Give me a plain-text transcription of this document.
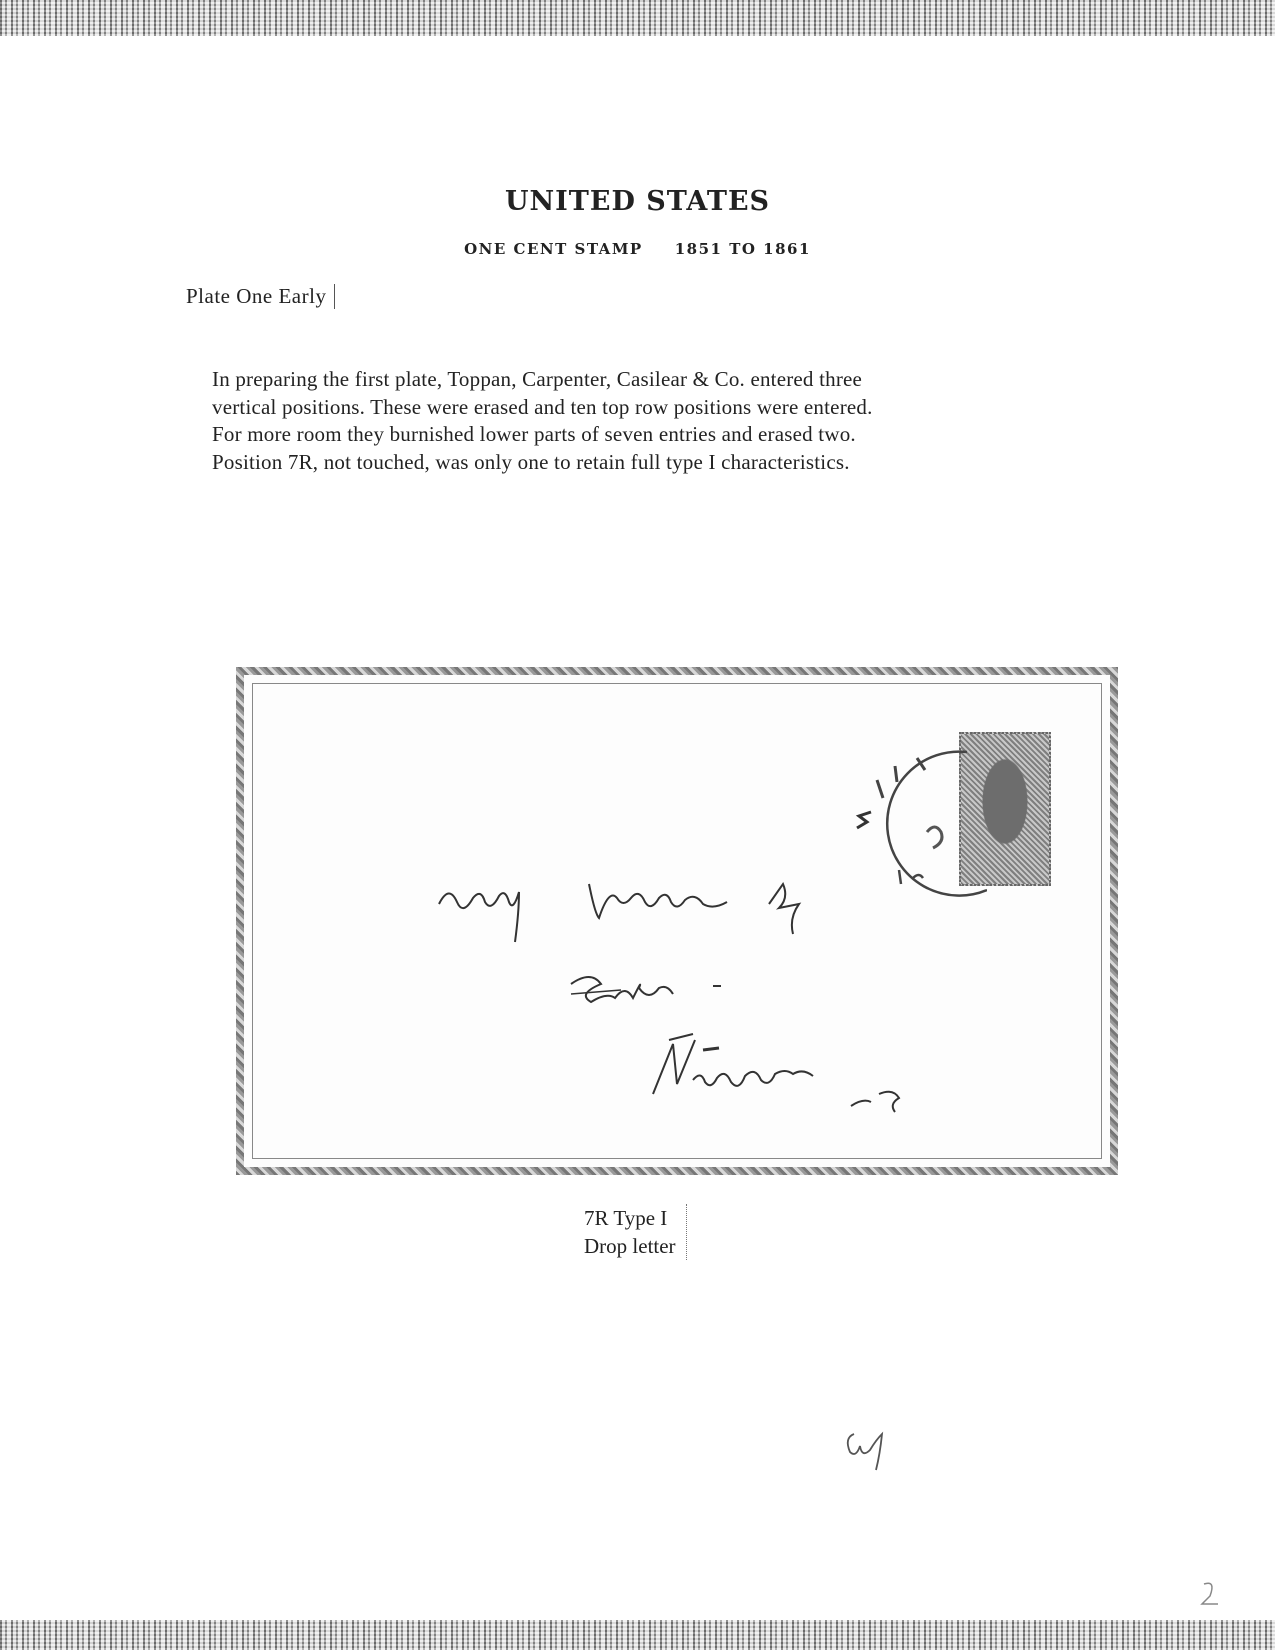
UNITED STATES
ONE CENT STAMP 1851 TO 1861
Plate One Early
In preparing the first plate, Toppan, Carpenter, Casilear & Co. entered three
vertical positions. These were erased and ten top row positions were entered.
For more room they burnished lower parts of seven entries and erased two.
Position 7R, not touched, was only one to retain full type I characteristics.
7R Type I
Drop letter
